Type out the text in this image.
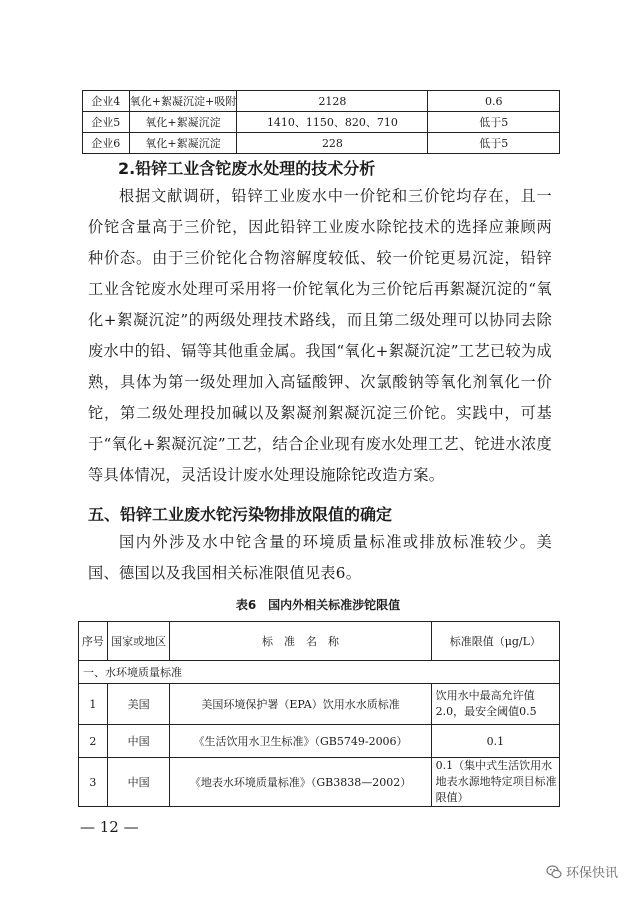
企业4	氧化+絮凝沉淀+吸附	2128	0.6
企业5	氧化+絮凝沉淀	1410、1150、820、710	低于5
企业6	氧化+絮凝沉淀	228	低于5
2.铅锌工业含铊废水处理的技术分析
根据文献调研，铅锌工业废水中一价铊和三价铊均存在，且一价铊含量高于三价铊，因此铅锌工业废水除铊技术的选择应兼顾两种价态。由于三价铊化合物溶解度较低、较一价铊更易沉淀，铅锌工业含铊废水处理可采用将一价铊氧化为三价铊后再絮凝沉淀的“氧化+絮凝沉淀”的两级处理技术路线，而且第二级处理可以协同去除废水中的铅、镉等其他重金属。我国“氧化+絮凝沉淀”工艺已较为成熟，具体为第一级处理加入高锰酸钾、次氯酸钠等氧化剂氧化一价铊，第二级处理投加碱以及絮凝剂絮凝沉淀三价铊。实践中，可基于“氧化+絮凝沉淀”工艺，结合企业现有废水处理工艺、铊进水浓度等具体情况，灵活设计废水处理设施除铊改造方案。
五、铅锌工业废水铊污染物排放限值的确定
国内外涉及水中铊含量的环境质量标准或排放标准较少。美国、德国以及我国相关标准限值见表6。
表6　国内外相关标准涉铊限值
序号	国家或地区	标　准　名　称	标准限值（μg/L）
一、水环境质量标准			
1	美国	美国环境保护署（EPA）饮用水水质标准	饮用水中最高允许值2.0，最安全阈值0.5
2	中国	《生活饮用水卫生标准》（GB5749-2006）	0.1
3	中国	《地表水环境质量标准》（GB3838—2002）	0.1（集中式生活饮用水地表水源地特定项目标准限值）
— 12 —
环保快讯
